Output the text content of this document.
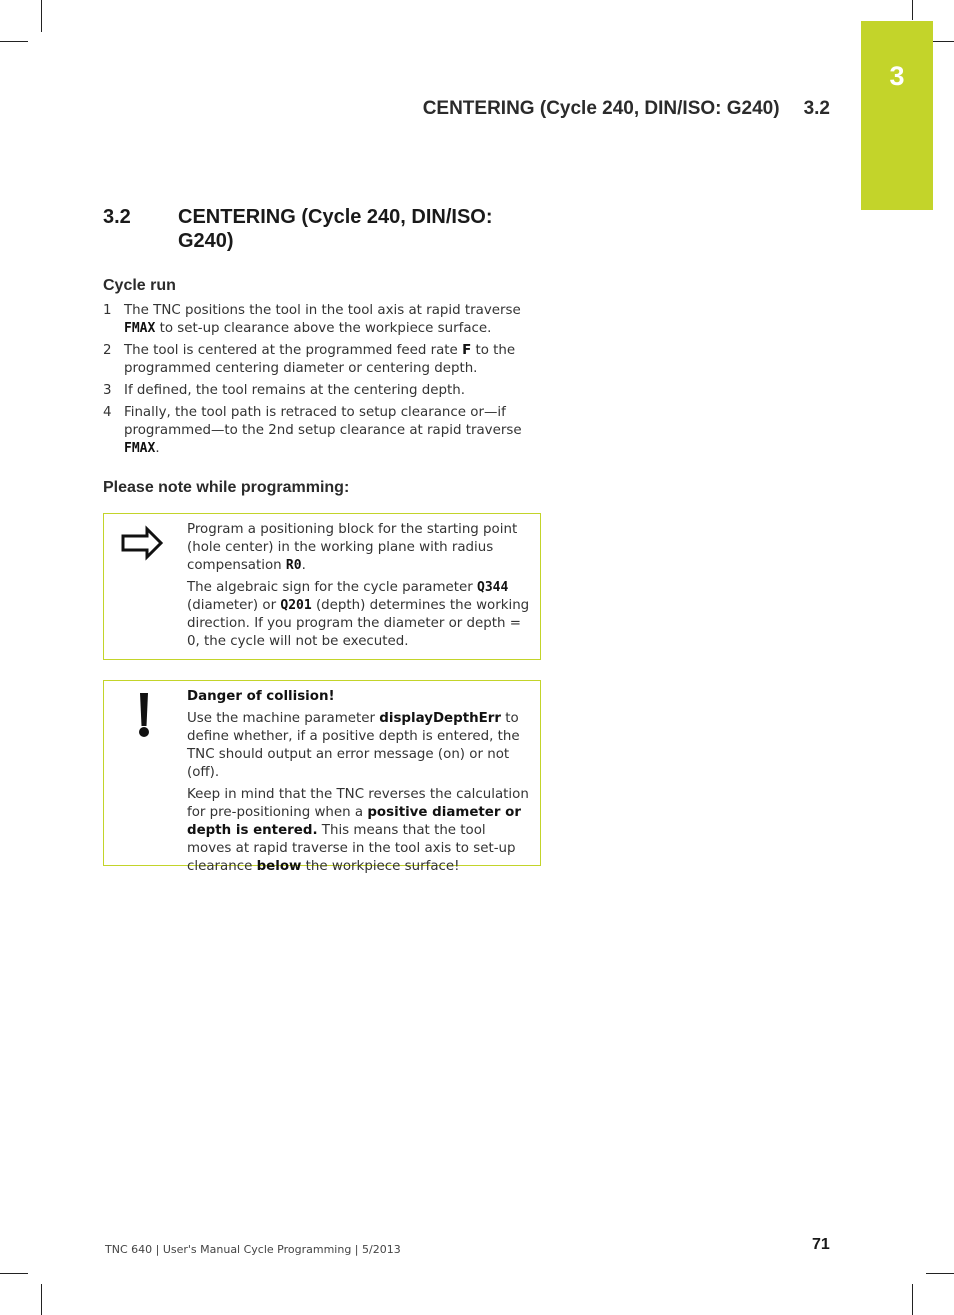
3
CENTERING (Cycle 240, DIN/ISO: G240) 3.2
3.2 CENTERING (Cycle 240, DIN/ISO: G240)
Cycle run
1 The TNC positions the tool in the tool axis at rapid traverse FMAX to set-up clearance above the workpiece surface.
2 The tool is centered at the programmed feed rate F to the programmed centering diameter or centering depth.
3 If defined, the tool remains at the centering depth.
4 Finally, the tool path is retraced to setup clearance or—if programmed—to the 2nd setup clearance at rapid traverse FMAX.
Please note while programming:

Program a positioning block for the starting point (hole center) in the working plane with radius compensation R0.

The algebraic sign for the cycle parameter Q344 (diameter) or Q201 (depth) determines the working direction. If you program the diameter or depth = 0, the cycle will not be executed.

Danger of collision!

Use the machine parameter displayDepthErr to define whether, if a positive depth is entered, the TNC should output an error message (on) or not (off).

Keep in mind that the TNC reverses the calculation for pre-positioning when a positive diameter or depth is entered. This means that the tool moves at rapid traverse in the tool axis to set-up clearance below the workpiece surface!

TNC 640 | User's Manual Cycle Programming | 5/2013	71
